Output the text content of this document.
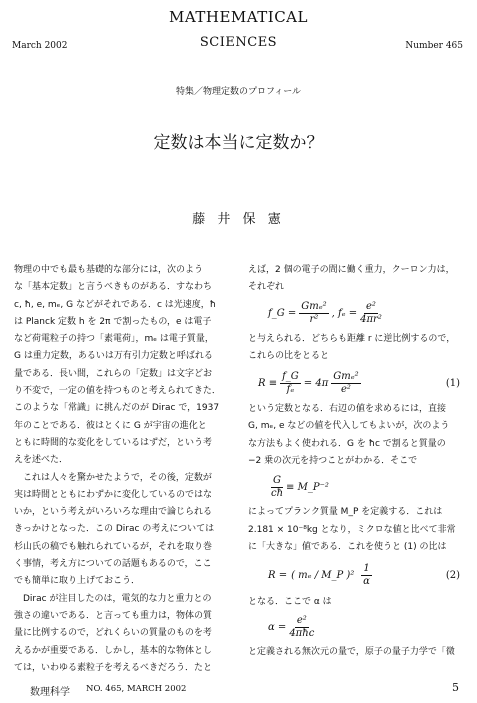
MATHEMATICAL
SCIENCES
March 2002	Number 465
特集／物理定数のプロフィール
定数は本当に定数か？
藤 井 保 憲

物理の中でも最も基礎的な部分には，次のよう

な「基本定数」と言うべきものがある．すなわち

c, ħ, e, mₑ, G などがそれである．c は光速度，ħ

は Planck 定数 h を 2π で割ったもの，e は電子

など荷電粒子の持つ「素電荷」，mₑ は電子質量，

G は重力定数，あるいは万有引力定数と呼ばれる

量である．長い間，これらの「定数」は文字どお

り不変で，一定の値を持つものと考えられてきた．

このような「常識」に挑んだのが Dirac で，1937

年のことである．彼はとくに G が宇宙の進化と

ともに時間的な変化をしているはずだ，という考

えを述べた．

　これは人々を驚かせたようで，その後，定数が

実は時間とともにわずかに変化しているのではな

いか，という考えがいろいろな理由で論じられる

きっかけとなった．この Dirac の考えについては

杉山氏の稿でも触れられているが，それを取り巻

く事情，考え方についての話題もあるので，ここ

でも簡単に取り上げておこう．

　Dirac が注目したのは，電気的な力と重力との

強さの違いである．と言っても重力は，物体の質

量に比例するので，どれくらいの質量のものを考

えるかが重要である．しかし，基本的な物体とし

ては，いわゆる素粒子を考えるべきだろう．たと

えば，2 個の電子の間に働く重力，クーロン力は，

それぞれ

f_G = $\frac{\text{Gmₑ²}}{\text{r²}}$ , $f_e = \frac{\text{e²}}{\text{4πr²}}$

と与えられる．どちらも距離 r に逆比例するので，

これらの比をとると

$R \equiv \frac{f\_G}{\text{fₑ}} = 4\pi \frac{\text{Gmₑ²}}{\text{e²}}$	(1)

という定数となる．右辺の値を求めるには，直接

G, mₑ, e などの値を代入してもよいが，次のよう

な方法もよく使われる．G を ħc で割ると質量の

−2 乗の次元を持つことがわかる．そこで

$\frac{G}{cħ}$ ≡ M_P⁻²

によってプランク質量 M_P を定義する．これは

2.181 × 10⁻⁸kg となり，ミクロな値と比べて非常

に「大きな」値である．これを使うと (1) の比は

R = ( mₑ / M_P )$^2 \frac{1}{\alpha}$	(2)

となる．ここで α は

$\alpha = \frac{\text{e²}}{\text{4πħc}}$

と定義される無次元の量で，原子の量子力学で「微

数理科学 NO. 465, MARCH 2002	5
